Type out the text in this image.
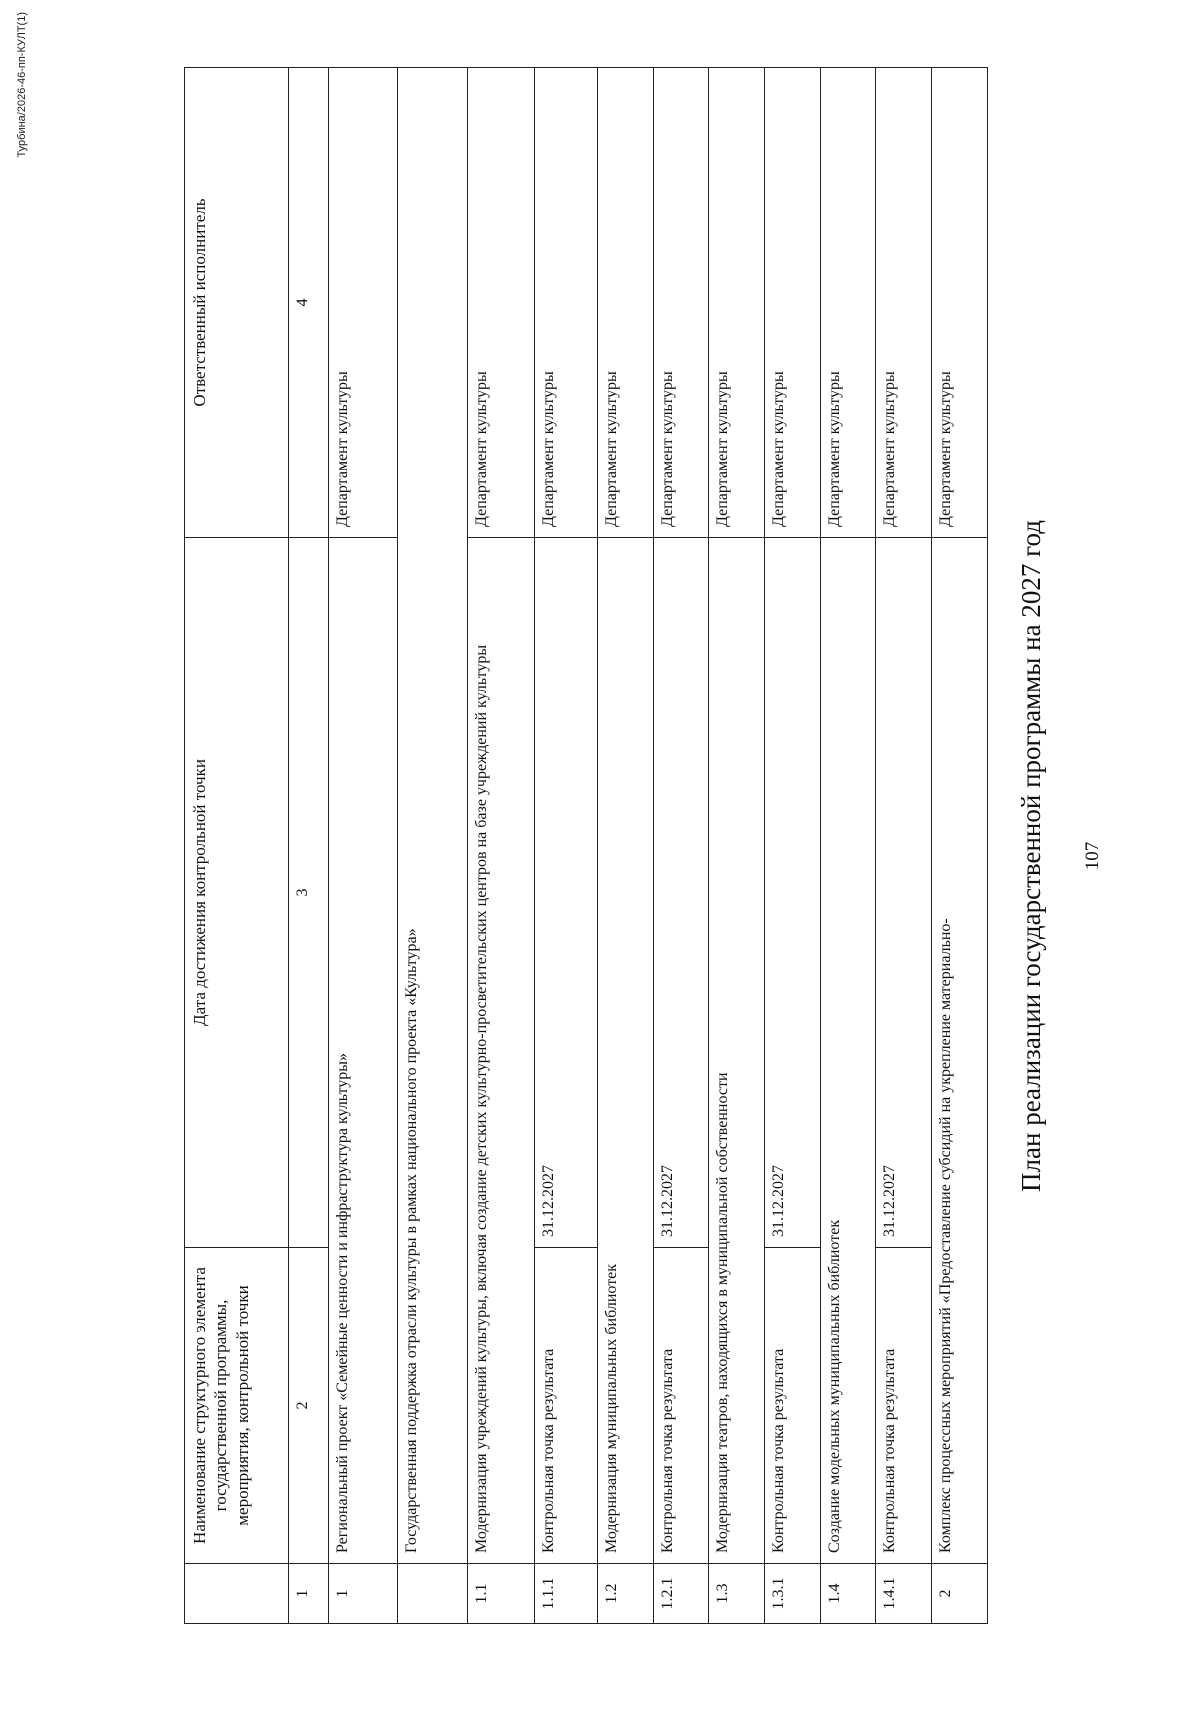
107
План реализации государственной программы на 2027 год
	Наименование структурного элемента государственной программы, мероприятия, контрольной точки	Дата достижения контрольной точки	Ответственный исполнитель
1	2	3	4
1	Региональный проект «Семейные ценности и инфраструктура культуры»		Департамент культуры
	Государственная поддержка отрасли культуры в рамках национального проекта «Культура»		
1.1	Модернизация учреждений культуры, включая создание детских культурно-просветительских центров на базе учреждений культуры		Департамент культуры
1.1.1	Контрольная точка результата	31.12.2027	Департамент культуры
1.2	Модернизация муниципальных библиотек		Департамент культуры
1.2.1	Контрольная точка результата	31.12.2027	Департамент культуры
1.3	Модернизация театров, находящихся в муниципальной собственности		Департамент культуры
1.3.1	Контрольная точка результата	31.12.2027	Департамент культуры
1.4	Создание модельных муниципальных библиотек		Департамент культуры
1.4.1	Контрольная точка результата	31.12.2027	Департамент культуры
2	Комплекс процессных мероприятий «Предоставление субсидий на укрепление материально-		Департамент культуры
Турбина/2026-46-пп-КУЛТ(1)
